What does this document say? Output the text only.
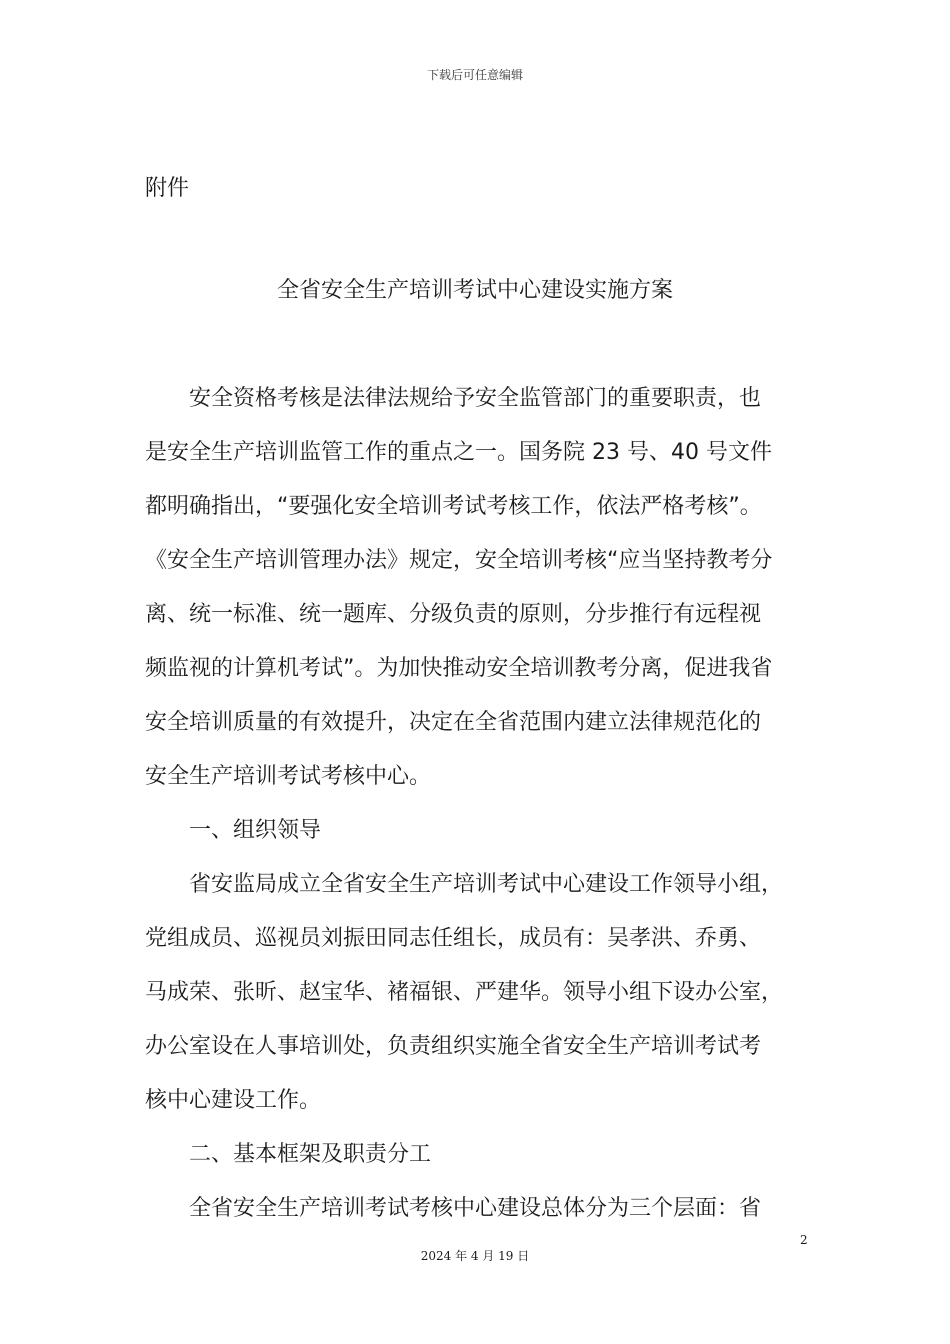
下载后可任意编辑
附件
全省安全生产培训考试中心建设实施方案
安全资格考核是法律法规给予安全监管部门的重要职责，也
是安全生产培训监管工作的重点之一。国务院 23 号、40 号文件
都明确指出，“要强化安全培训考试考核工作，依法严格考核”。
《安全生产培训管理办法》规定，安全培训考核“应当坚持教考分
离、统一标准、统一题库、分级负责的原则，分步推行有远程视
频监视的计算机考试”。为加快推动安全培训教考分离，促进我省
安全培训质量的有效提升，决定在全省范围内建立法律规范化的
安全生产培训考试考核中心。
一、组织领导
省安监局成立全省安全生产培训考试中心建设工作领导小组，
党组成员、巡视员刘振田同志任组长，成员有：吴孝洪、乔勇、
马成荣、张昕、赵宝华、褚福银、严建华。领导小组下设办公室，
办公室设在人事培训处，负责组织实施全省安全生产培训考试考
核中心建设工作。
二、基本框架及职责分工
全省安全生产培训考试考核中心建设总体分为三个层面：省
2
2024 年 4 月 19 日
